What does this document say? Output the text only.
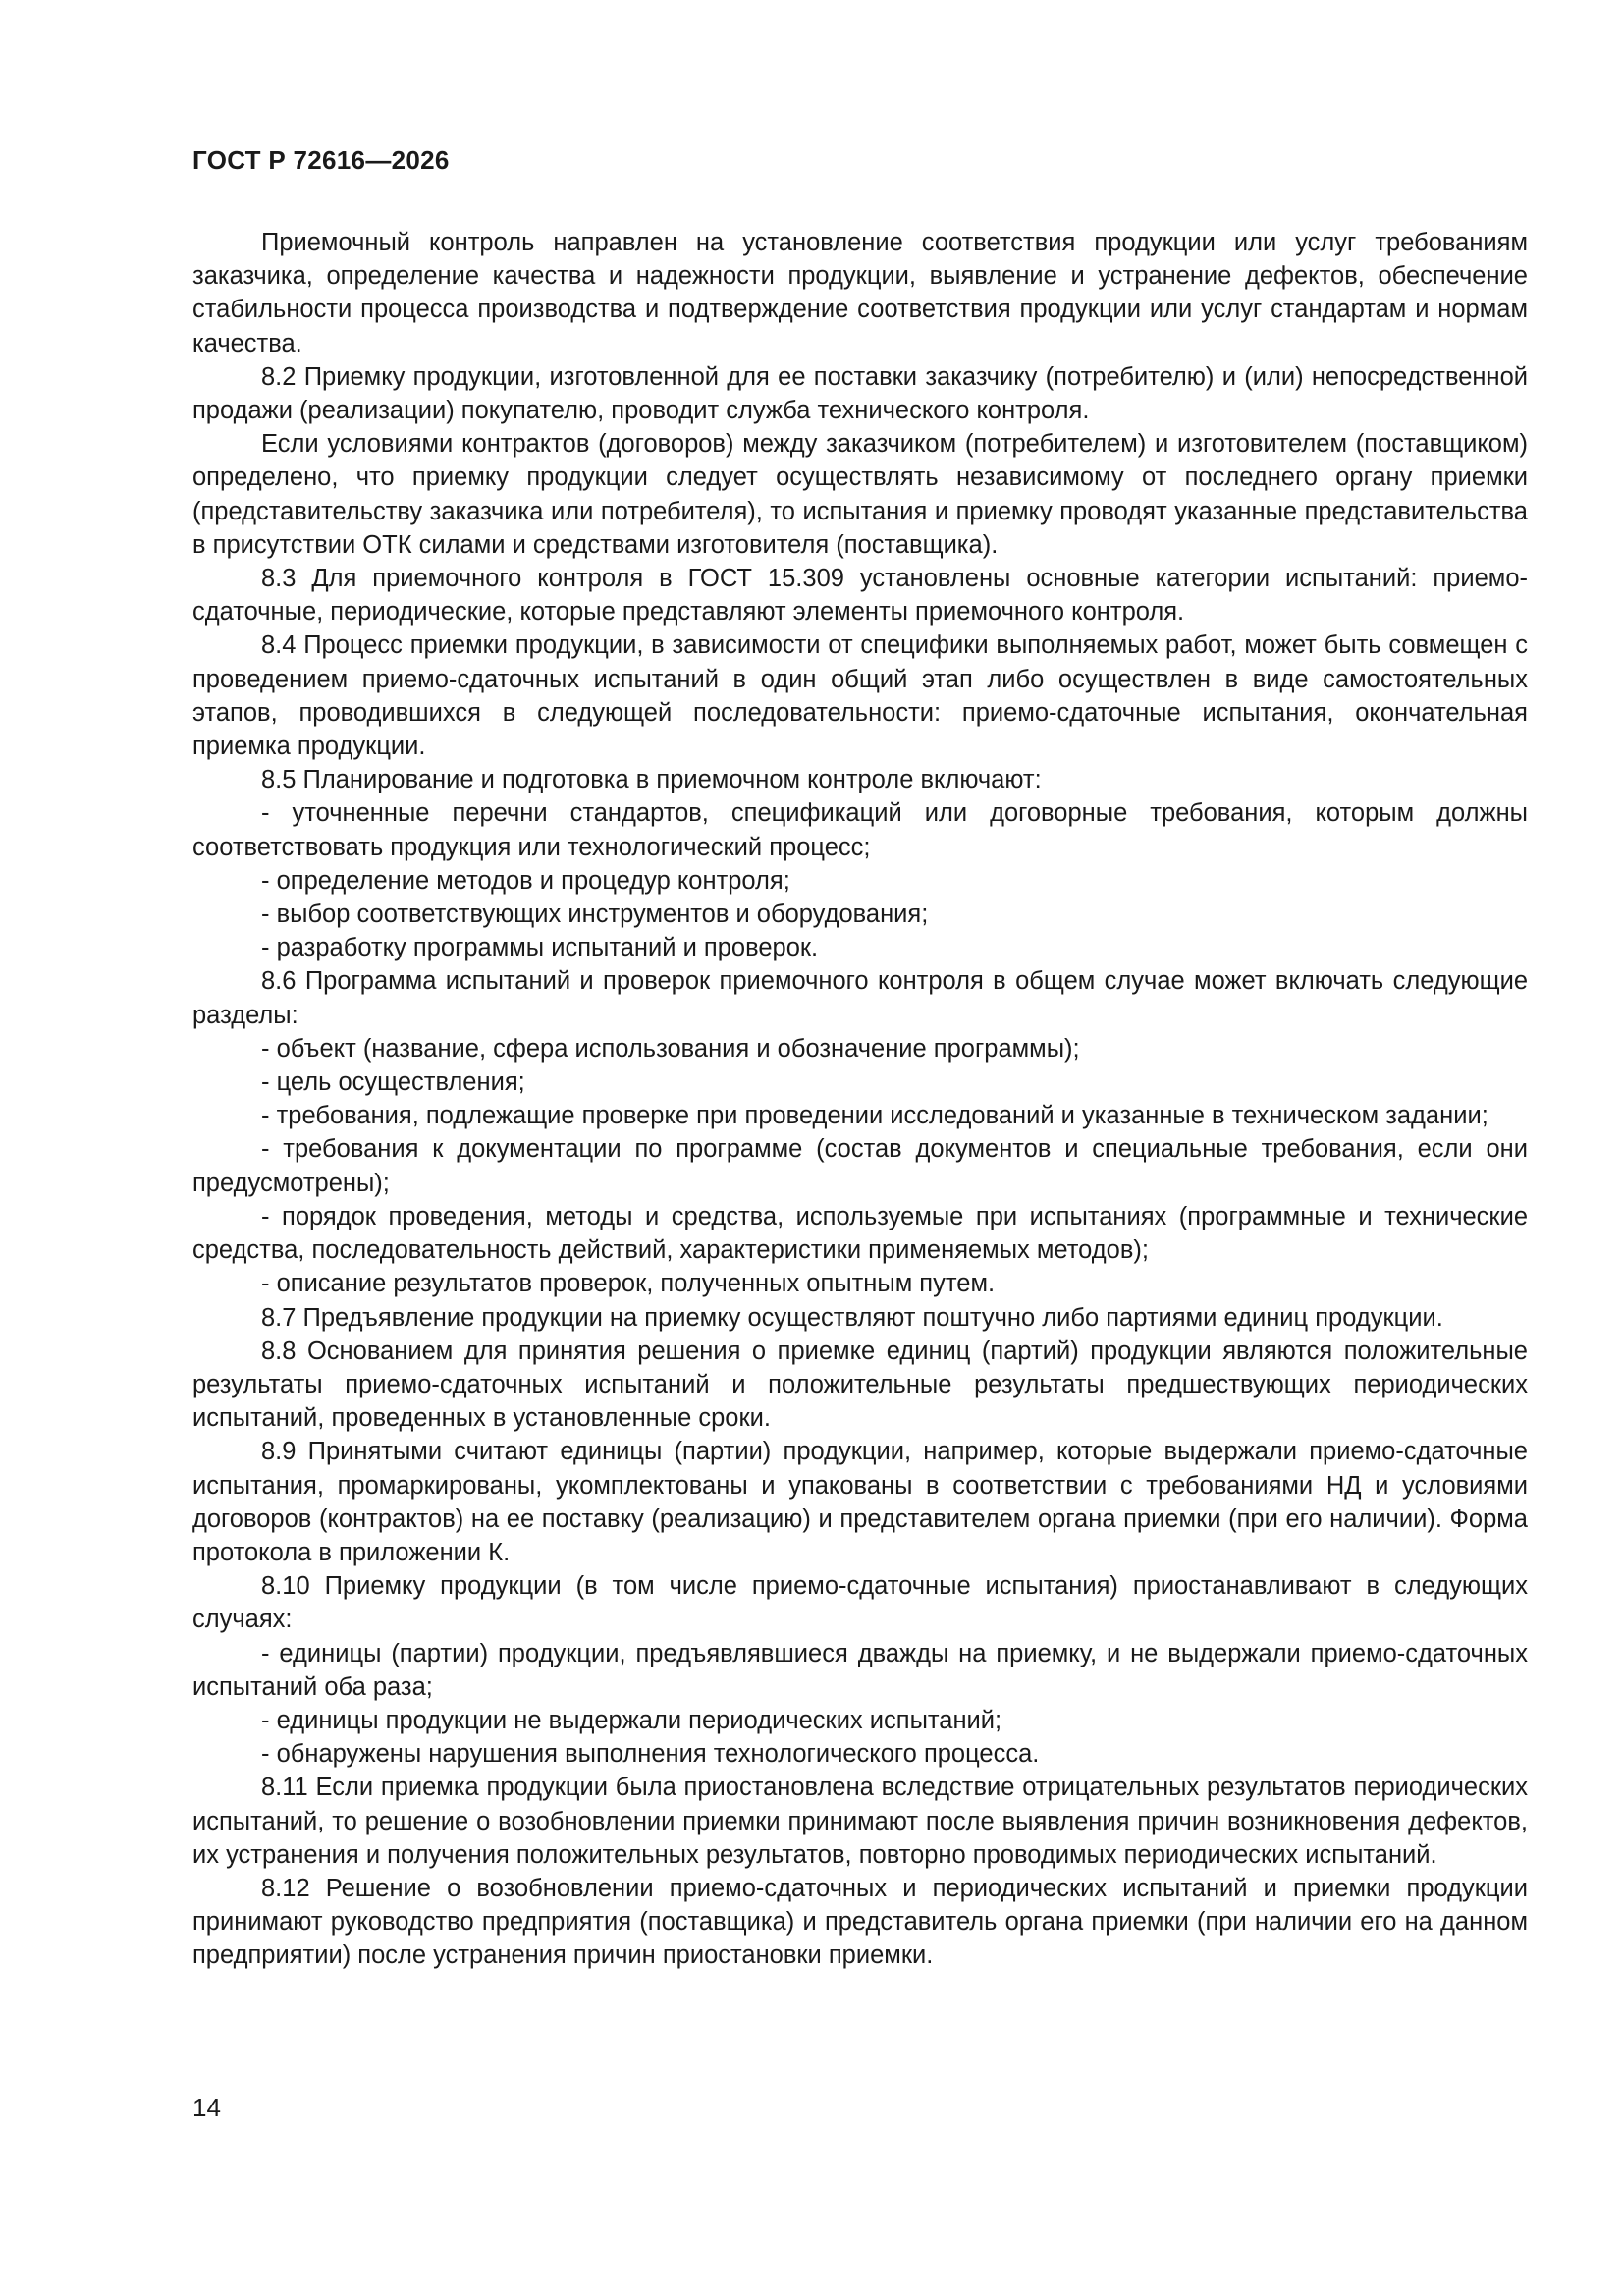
ГОСТ Р 72616—2026

Приемочный контроль направлен на установление соответствия продукции или услуг требованиям заказчика, определение качества и надежности продукции, выявление и устранение дефектов, обеспечение стабильности процесса производства и подтверждение соответствия продукции или услуг стандартам и нормам качества.

8.2 Приемку продукции, изготовленной для ее поставки заказчику (потребителю) и (или) непосредственной продажи (реализации) покупателю, проводит служба технического контроля.

Если условиями контрактов (договоров) между заказчиком (потребителем) и изготовителем (поставщиком) определено, что приемку продукции следует осуществлять независимому от последнего органу приемки (представительству заказчика или потребителя), то испытания и приемку проводят указанные представительства в присутствии ОТК силами и средствами изготовителя (поставщика).

8.3 Для приемочного контроля в ГОСТ 15.309 установлены основные категории испытаний: приемо-сдаточные, периодические, которые представляют элементы приемочного контроля.

8.4 Процесс приемки продукции, в зависимости от специфики выполняемых работ, может быть совмещен с проведением приемо-сдаточных испытаний в один общий этап либо осуществлен в виде самостоятельных этапов, проводившихся в следующей последовательности: приемо-сдаточные испытания, окончательная приемка продукции.

8.5 Планирование и подготовка в приемочном контроле включают:

- уточненные перечни стандартов, спецификаций или договорные требования, которым должны соответствовать продукция или технологический процесс;

- определение методов и процедур контроля;

- выбор соответствующих инструментов и оборудования;

- разработку программы испытаний и проверок.

8.6 Программа испытаний и проверок приемочного контроля в общем случае может включать следующие разделы:

- объект (название, сфера использования и обозначение программы);

- цель осуществления;

- требования, подлежащие проверке при проведении исследований и указанные в техническом задании;

- требования к документации по программе (состав документов и специальные требования, если они предусмотрены);

- порядок проведения, методы и средства, используемые при испытаниях (программные и технические средства, последовательность действий, характеристики применяемых методов);

- описание результатов проверок, полученных опытным путем.

8.7 Предъявление продукции на приемку осуществляют поштучно либо партиями единиц продукции.

8.8 Основанием для принятия решения о приемке единиц (партий) продукции являются положительные результаты приемо-сдаточных испытаний и положительные результаты предшествующих периодических испытаний, проведенных в установленные сроки.

8.9 Принятыми считают единицы (партии) продукции, например, которые выдержали приемо-сдаточные испытания, промаркированы, укомплектованы и упакованы в соответствии с требованиями НД и условиями договоров (контрактов) на ее поставку (реализацию) и представителем органа приемки (при его наличии). Форма протокола в приложении К.

8.10 Приемку продукции (в том числе приемо-сдаточные испытания) приостанавливают в следующих случаях:

- единицы (партии) продукции, предъявлявшиеся дважды на приемку, и не выдержали приемо-сдаточных испытаний оба раза;

- единицы продукции не выдержали периодических испытаний;

- обнаружены нарушения выполнения технологического процесса.

8.11 Если приемка продукции была приостановлена вследствие отрицательных результатов периодических испытаний, то решение о возобновлении приемки принимают после выявления причин возникновения дефектов, их устранения и получения положительных результатов, повторно проводимых периодических испытаний.

8.12 Решение о возобновлении приемо-сдаточных и периодических испытаний и приемки продукции принимают руководство предприятия (поставщика) и представитель органа приемки (при наличии его на данном предприятии) после устранения причин приостановки приемки.

14
